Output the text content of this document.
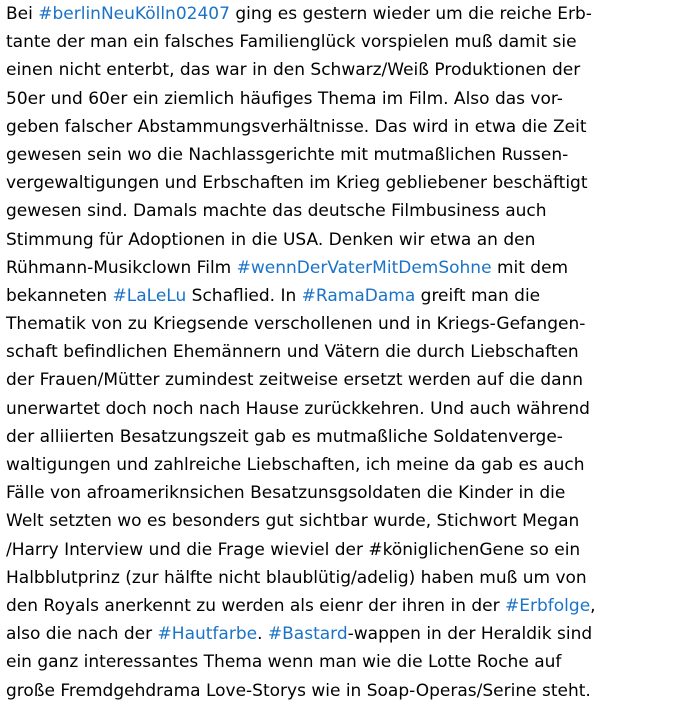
Bei #berlinNeuKölln02407 ging es gestern wieder um die reiche Erb-
tante der man ein falsches Familienglück vorspielen muß damit sie
einen nicht enterbt, das war in den Schwarz/Weiß Produktionen der
50er und 60er ein ziemlich häufiges Thema im Film. Also das vor-
geben falscher Abstammungsverhältnisse. Das wird in etwa die Zeit
gewesen sein wo die Nachlassgerichte mit mutmaßlichen Russen-
vergewaltigungen und Erbschaften im Krieg gebliebener beschäftigt
gewesen sind. Damals machte das deutsche Filmbusiness auch
Stimmung für Adoptionen in die USA. Denken wir etwa an den
Rühmann-Musikclown Film #wennDerVaterMitDemSohne mit dem
bekanneten #LaLeLu Schaflied. In #RamaDama greift man die
Thematik von zu Kriegsende verschollenen und in Kriegs-Gefangen-
schaft befindlichen Ehemännern und Vätern die durch Liebschaften
der Frauen/Mütter zumindest zeitweise ersetzt werden auf die dann
unerwartet doch noch nach Hause zurückkehren. Und auch während
der alliierten Besatzungszeit gab es mutmaßliche Soldatenverge-
waltigungen und zahlreiche Liebschaften, ich meine da gab es auch
Fälle von afroameriknsichen Besatzunsgsoldaten die Kinder in die
Welt setzten wo es besonders gut sichtbar wurde, Stichwort Megan
/Harry Interview und die Frage wieviel der #königlichenGene so ein
Halbblutprinz (zur hälfte nicht blaublütig/adelig) haben muß um von
den Royals anerkennt zu werden als eienr der ihren in der #Erbfolge,
also die nach der #Hautfarbe. #Bastard-wappen in der Heraldik sind
ein ganz interessantes Thema wenn man wie die Lotte Roche auf
große Fremdgehdrama Love-Storys wie in Soap-Operas/Serine steht.
